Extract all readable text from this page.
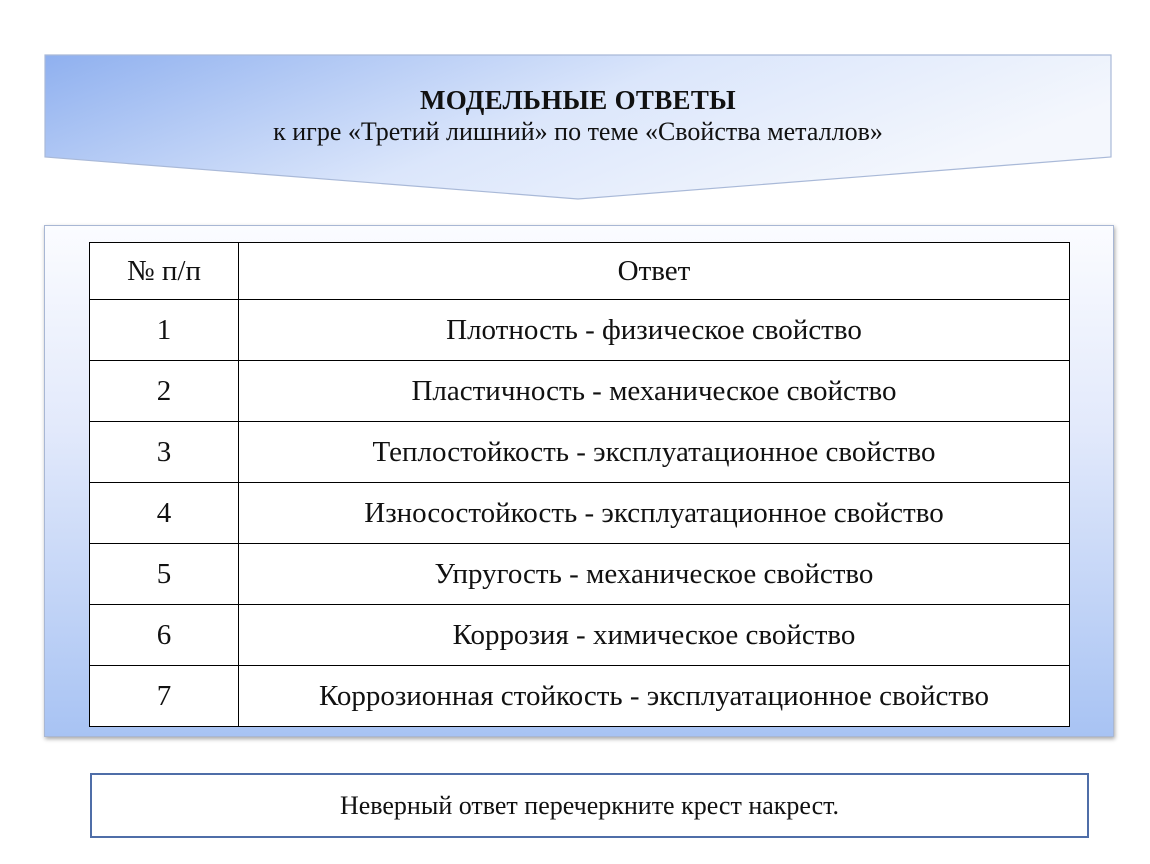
МОДЕЛЬНЫЕ ОТВЕТЫ
к игре «Третий лишний» по теме «Свойства металлов»
№ п/п	Ответ
1	Плотность - физическое свойство
2	Пластичность - механическое свойство
3	Теплостойкость - эксплуатационное свойство
4	Износостойкость - эксплуатационное свойство
5	Упругость - механическое свойство
6	Коррозия - химическое свойство
7	Коррозионная стойкость - эксплуатационное свойство
Неверный ответ перечеркните крест накрест.
